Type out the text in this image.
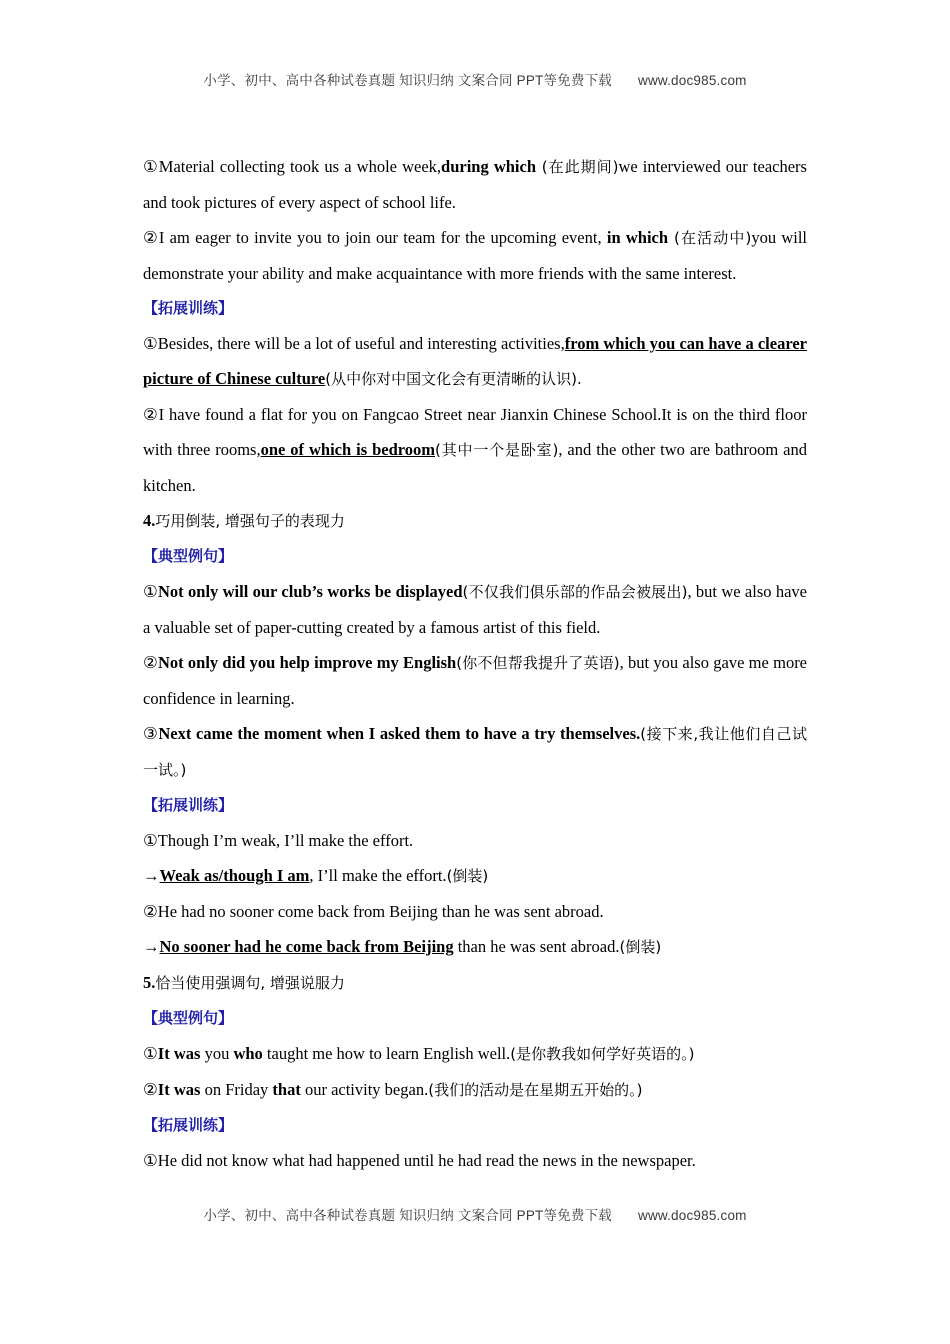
小学、初中、高中各种试卷真题 知识归纳 文案合同 PPT等免费下载 www.doc985.com

①Material collecting took us a whole week,during which (在此期间)we interviewed our teachers and took pictures of every aspect of school life.

②I am eager to invite you to join our team for the upcoming event, in which (在活动中)you will demonstrate your ability and make acquaintance with more friends with the same interest.

【拓展训练】

①Besides, there will be a lot of useful and interesting activities,from which you can have a clearer picture of Chinese culture(从中你对中国文化会有更清晰的认识).

②I have found a flat for you on Fangcao Street near Jianxin Chinese School.It is on the third floor with three rooms,one of which is bedroom(其中一个是卧室), and the other two are bathroom and kitchen.

4.巧用倒装, 增强句子的表现力

【典型例句】

①Not only will our club’s works be displayed(不仅我们俱乐部的作品会被展出), but we also have a valuable set of paper-cutting created by a famous artist of this field.

②Not only did you help improve my English(你不但帮我提升了英语), but you also gave me more confidence in learning.

③Next came the moment when I asked them to have a try themselves.(接下来,我让他们自己试一试。)

【拓展训练】

①Though I’m weak, I’ll make the effort.

→Weak as/though I am, I’ll make the effort.(倒装)

②He had no sooner come back from Beijing than he was sent abroad.

→No sooner had he come back from Beijing than he was sent abroad.(倒装)

5.恰当使用强调句, 增强说服力

【典型例句】

①It was you who taught me how to learn English well.(是你教我如何学好英语的。)

②It was on Friday that our activity began.(我们的活动是在星期五开始的。)

【拓展训练】

①He did not know what had happened until he had read the news in the newspaper.

小学、初中、高中各种试卷真题 知识归纳 文案合同 PPT等免费下载 www.doc985.com
